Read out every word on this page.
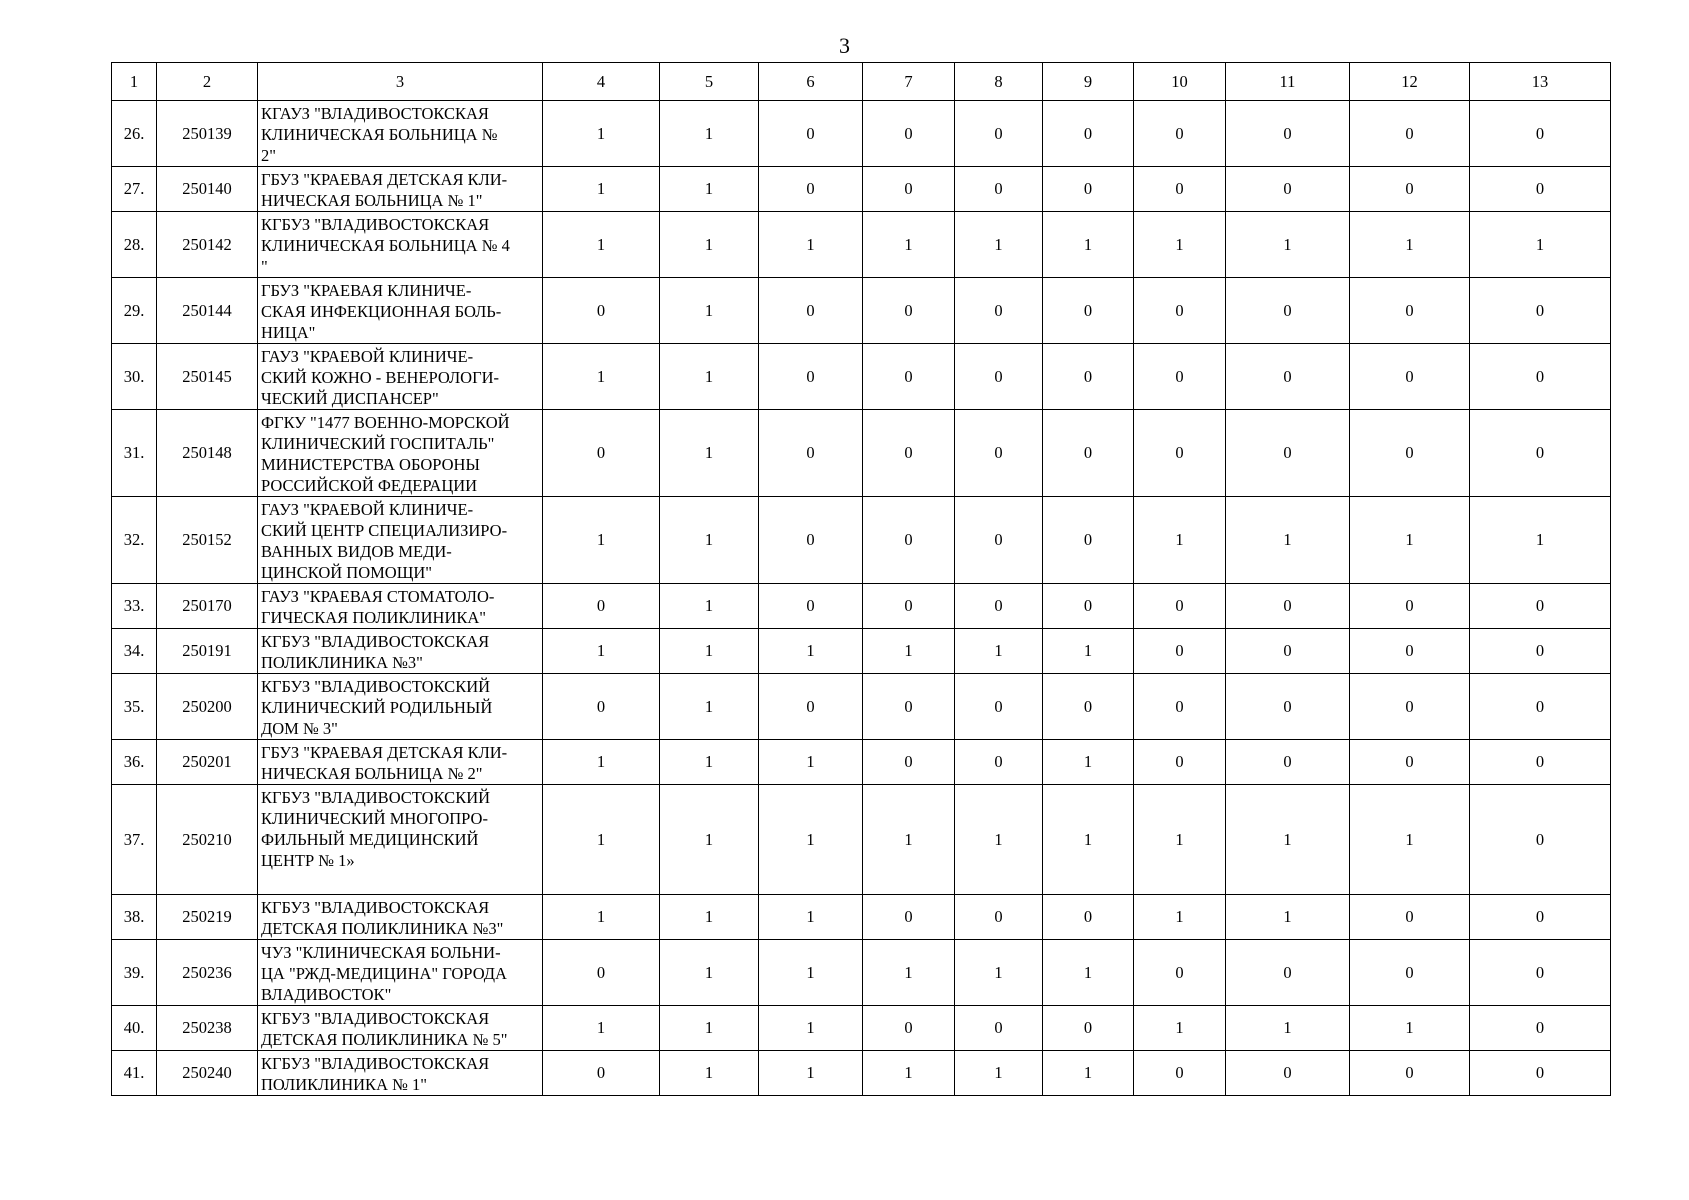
3
1	2	3	4	5	6	7	8	9	10	11	12	13
26.	250139	КГАУЗ "ВЛАДИВОСТОКСКАЯ
КЛИНИЧЕСКАЯ БОЛЬНИЦА №
2"	1	1	0	0	0	0	0	0	0	0
27.	250140	ГБУЗ "КРАЕВАЯ ДЕТСКАЯ КЛИ-
НИЧЕСКАЯ БОЛЬНИЦА № 1"	1	1	0	0	0	0	0	0	0	0
28.	250142	КГБУЗ "ВЛАДИВОСТОКСКАЯ
КЛИНИЧЕСКАЯ БОЛЬНИЦА № 4
"	1	1	1	1	1	1	1	1	1	1
29.	250144	ГБУЗ "КРАЕВАЯ КЛИНИЧЕ-
СКАЯ ИНФЕКЦИОННАЯ БОЛЬ-
НИЦА"	0	1	0	0	0	0	0	0	0	0
30.	250145	ГАУЗ "КРАЕВОЙ КЛИНИЧЕ-
СКИЙ КОЖНО - ВЕНЕРОЛОГИ-
ЧЕСКИЙ ДИСПАНСЕР"	1	1	0	0	0	0	0	0	0	0
31.	250148	ФГКУ "1477 ВОЕННО-МОРСКОЙ
КЛИНИЧЕСКИЙ ГОСПИТАЛЬ"
МИНИСТЕРСТВА ОБОРОНЫ
РОССИЙСКОЙ ФЕДЕРАЦИИ	0	1	0	0	0	0	0	0	0	0
32.	250152	ГАУЗ "КРАЕВОЙ КЛИНИЧЕ-
СКИЙ ЦЕНТР СПЕЦИАЛИЗИРО-
ВАННЫХ ВИДОВ МЕДИ-
ЦИНСКОЙ ПОМОЩИ"	1	1	0	0	0	0	1	1	1	1
33.	250170	ГАУЗ "КРАЕВАЯ СТОМАТОЛО-
ГИЧЕСКАЯ ПОЛИКЛИНИКА"	0	1	0	0	0	0	0	0	0	0
34.	250191	КГБУЗ "ВЛАДИВОСТОКСКАЯ
ПОЛИКЛИНИКА №3"	1	1	1	1	1	1	0	0	0	0
35.	250200	КГБУЗ "ВЛАДИВОСТОКСКИЙ
КЛИНИЧЕСКИЙ РОДИЛЬНЫЙ
ДОМ № 3"	0	1	0	0	0	0	0	0	0	0
36.	250201	ГБУЗ "КРАЕВАЯ ДЕТСКАЯ КЛИ-
НИЧЕСКАЯ БОЛЬНИЦА № 2"	1	1	1	0	0	1	0	0	0	0
37.	250210	КГБУЗ "ВЛАДИВОСТОКСКИЙ
КЛИНИЧЕСКИЙ МНОГОПРО-
ФИЛЬНЫЙ МЕДИЦИНСКИЙ
ЦЕНТР № 1»	1	1	1	1	1	1	1	1	1	0
38.	250219	КГБУЗ "ВЛАДИВОСТОКСКАЯ
ДЕТСКАЯ ПОЛИКЛИНИКА №3"	1	1	1	0	0	0	1	1	0	0
39.	250236	ЧУЗ "КЛИНИЧЕСКАЯ БОЛЬНИ-
ЦА "РЖД-МЕДИЦИНА" ГОРОДА
ВЛАДИВОСТОК"	0	1	1	1	1	1	0	0	0	0
40.	250238	КГБУЗ "ВЛАДИВОСТОКСКАЯ
ДЕТСКАЯ ПОЛИКЛИНИКА № 5"	1	1	1	0	0	0	1	1	1	0
41.	250240	КГБУЗ "ВЛАДИВОСТОКСКАЯ
ПОЛИКЛИНИКА № 1"	0	1	1	1	1	1	0	0	0	0
